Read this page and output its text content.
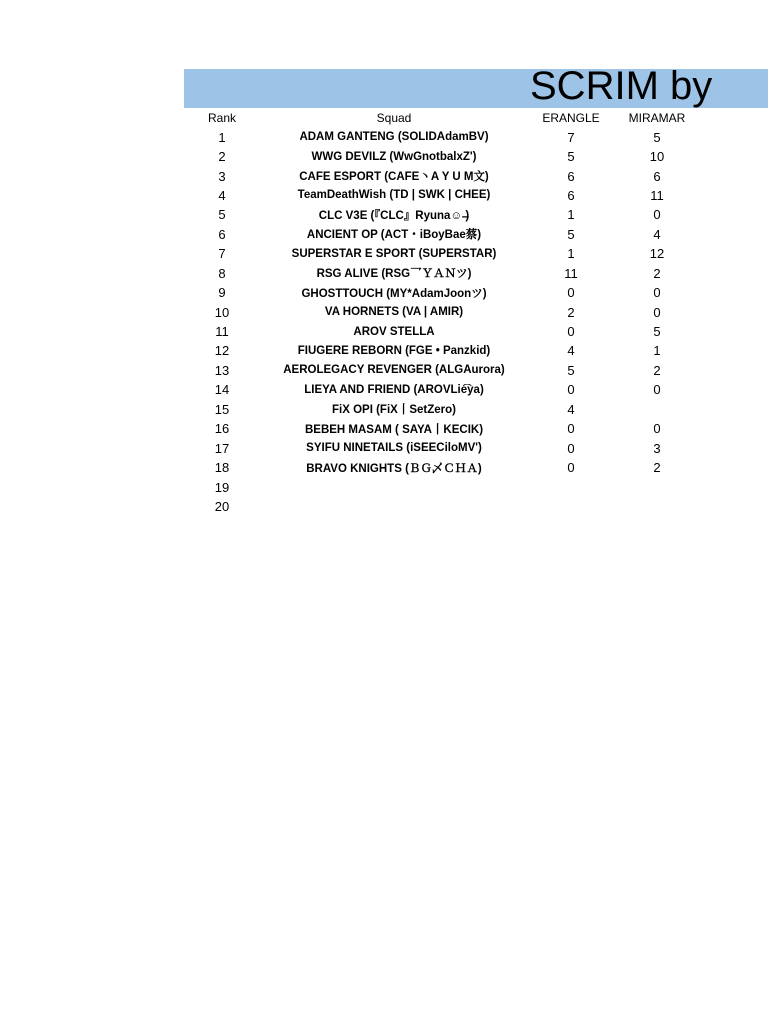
SCRIM by
Rank	Squad	ERANGLE	MIRAMAR
1	ADAM GANTENG (SOLIDÁdamBV)	7	5
2	WWG DEVILZ (WwGnotbalxZ')	5	10
3	CAFE ESPORT (CAFE丶A Y U M文)	6	6
4	TeamDeathWish (TD | SWK | CHEE)	6	11
5	CLC V3E (『CLC』Ryuna☺ ̶)	1	0
6	ANCIENT OP (ACT・iBoyBae蔡)	5	4
7	SUPERSTAR E SPORT (SUPERSTAR)	1	12
8	RSG ALIVE (RSG乛ＹＡＮツ)	11	2
9	GHOSTTOUCH (MY*AdamJoonツ)	0	0
10	VA HORNETS (VA | AMIR)	2	0
11	AROV STELLA	0	5
12	FIUGERE REBORN (FGE • Panzkid)	4	1
13	AEROLEGACY REVENGER (ALGAurora)	5	2
14	LIEYA AND FRIEND (AROVLie͡ya)	0	0
15	FiX OPI (FiX丨SetZero)	4
16	BEBEH MASAM ( SAYA丨KECIK)	0	0
17	SYIFU NINETAILS (iSEECiloMV')	0	3
18	BRAVO KNIGHTS (ＢＧ乄ＣＨＡ)	0	2
19
20
